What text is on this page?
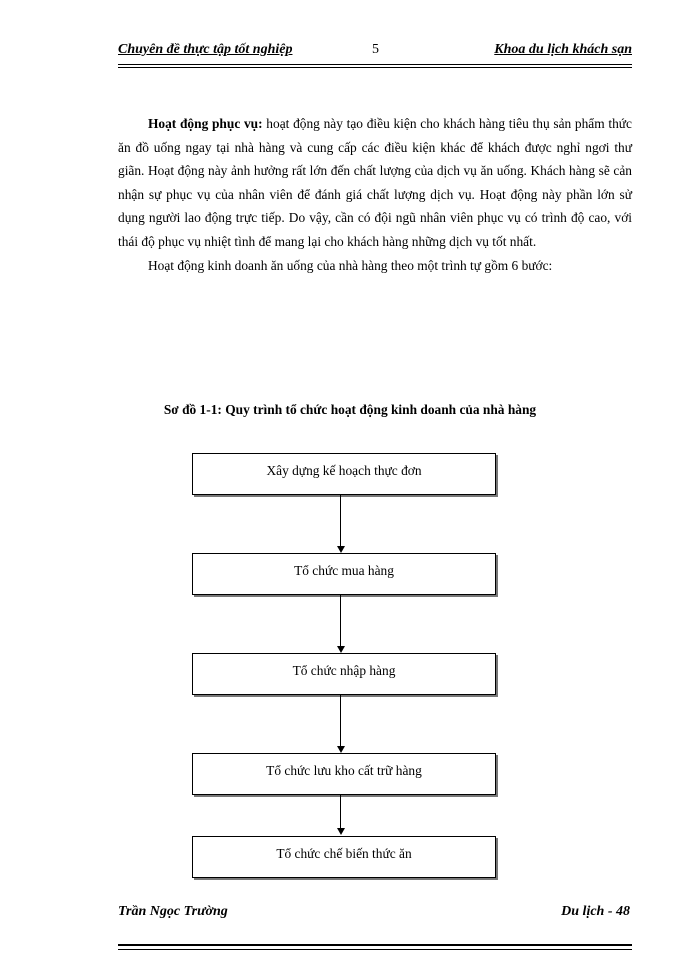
Chuyên đề thực tập tốt nghiệp	5	Khoa du lịch khách sạn

Hoạt động phục vụ: hoạt động này tạo điều kiện cho khách hàng tiêu thụ sản phẩm thức ăn đồ uống ngay tại nhà hàng và cung cấp các điều kiện khác để khách được nghỉ ngơi thư giãn. Hoạt động này ảnh hưởng rất lớn đến chất lượng của dịch vụ ăn uống. Khách hàng sẽ cản nhận sự phục vụ của nhân viên để đánh giá chất lượng dịch vụ. Hoạt động này phần lớn sử dụng người lao động trực tiếp. Do vậy, cần có đội ngũ nhân viên phục vụ có trình độ cao, với thái độ phục vụ nhiệt tình để mang lại cho khách hàng những dịch vụ tốt nhất.

Hoạt động kinh doanh ăn uống của nhà hàng theo một trình tự gồm 6 bước:

Sơ đồ 1-1: Quy trình tổ chức hoạt động kinh doanh của nhà hàng
Xây dựng kế hoạch thực đơn
Tổ chức mua hàng
Tổ chức nhập hàng
Tổ chức lưu kho cất trữ hàng
Tổ chức chế biến thức ăn
Trần Ngọc Trường	Du lịch - 48
